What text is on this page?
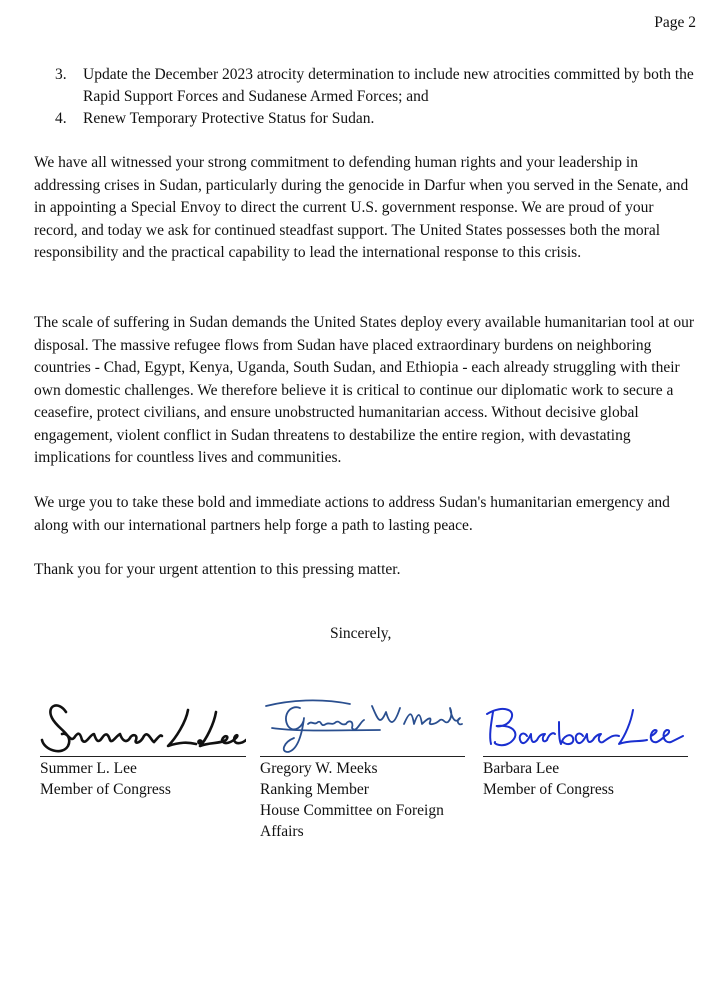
Page 2
3.	Update the December 2023 atrocity determination to include new atrocities committed by both the Rapid Support Forces and Sudanese Armed Forces; and
4.	Renew Temporary Protective Status for Sudan.

We have all witnessed your strong commitment to defending human rights and your leadership in addressing crises in Sudan, particularly during the genocide in Darfur when you served in the Senate, and in appointing a Special Envoy to direct the current U.S. government response. We are proud of your record, and today we ask for continued steadfast support. The United States possesses both the moral responsibility and the practical capability to lead the international response to this crisis.

The scale of suffering in Sudan demands the United States deploy every available humanitarian tool at our disposal. The massive refugee flows from Sudan have placed extraordinary burdens on neighboring countries - Chad, Egypt, Kenya, Uganda, South Sudan, and Ethiopia - each already struggling with their own domestic challenges. We therefore believe it is critical to continue our diplomatic work to secure a ceasefire, protect civilians, and ensure unobstructed humanitarian access. Without decisive global engagement, violent conflict in Sudan threatens to destabilize the entire region, with devastating implications for countless lives and communities.

We urge you to take these bold and immediate actions to address Sudan's humanitarian emergency and along with our international partners help forge a path to lasting peace.

Thank you for your urgent attention to this pressing matter.

Sincerely,
Summer L. Lee
Member of Congress
Gregory W. Meeks
Ranking Member
House Committee on Foreign
Affairs
Barbara Lee
Member of Congress
